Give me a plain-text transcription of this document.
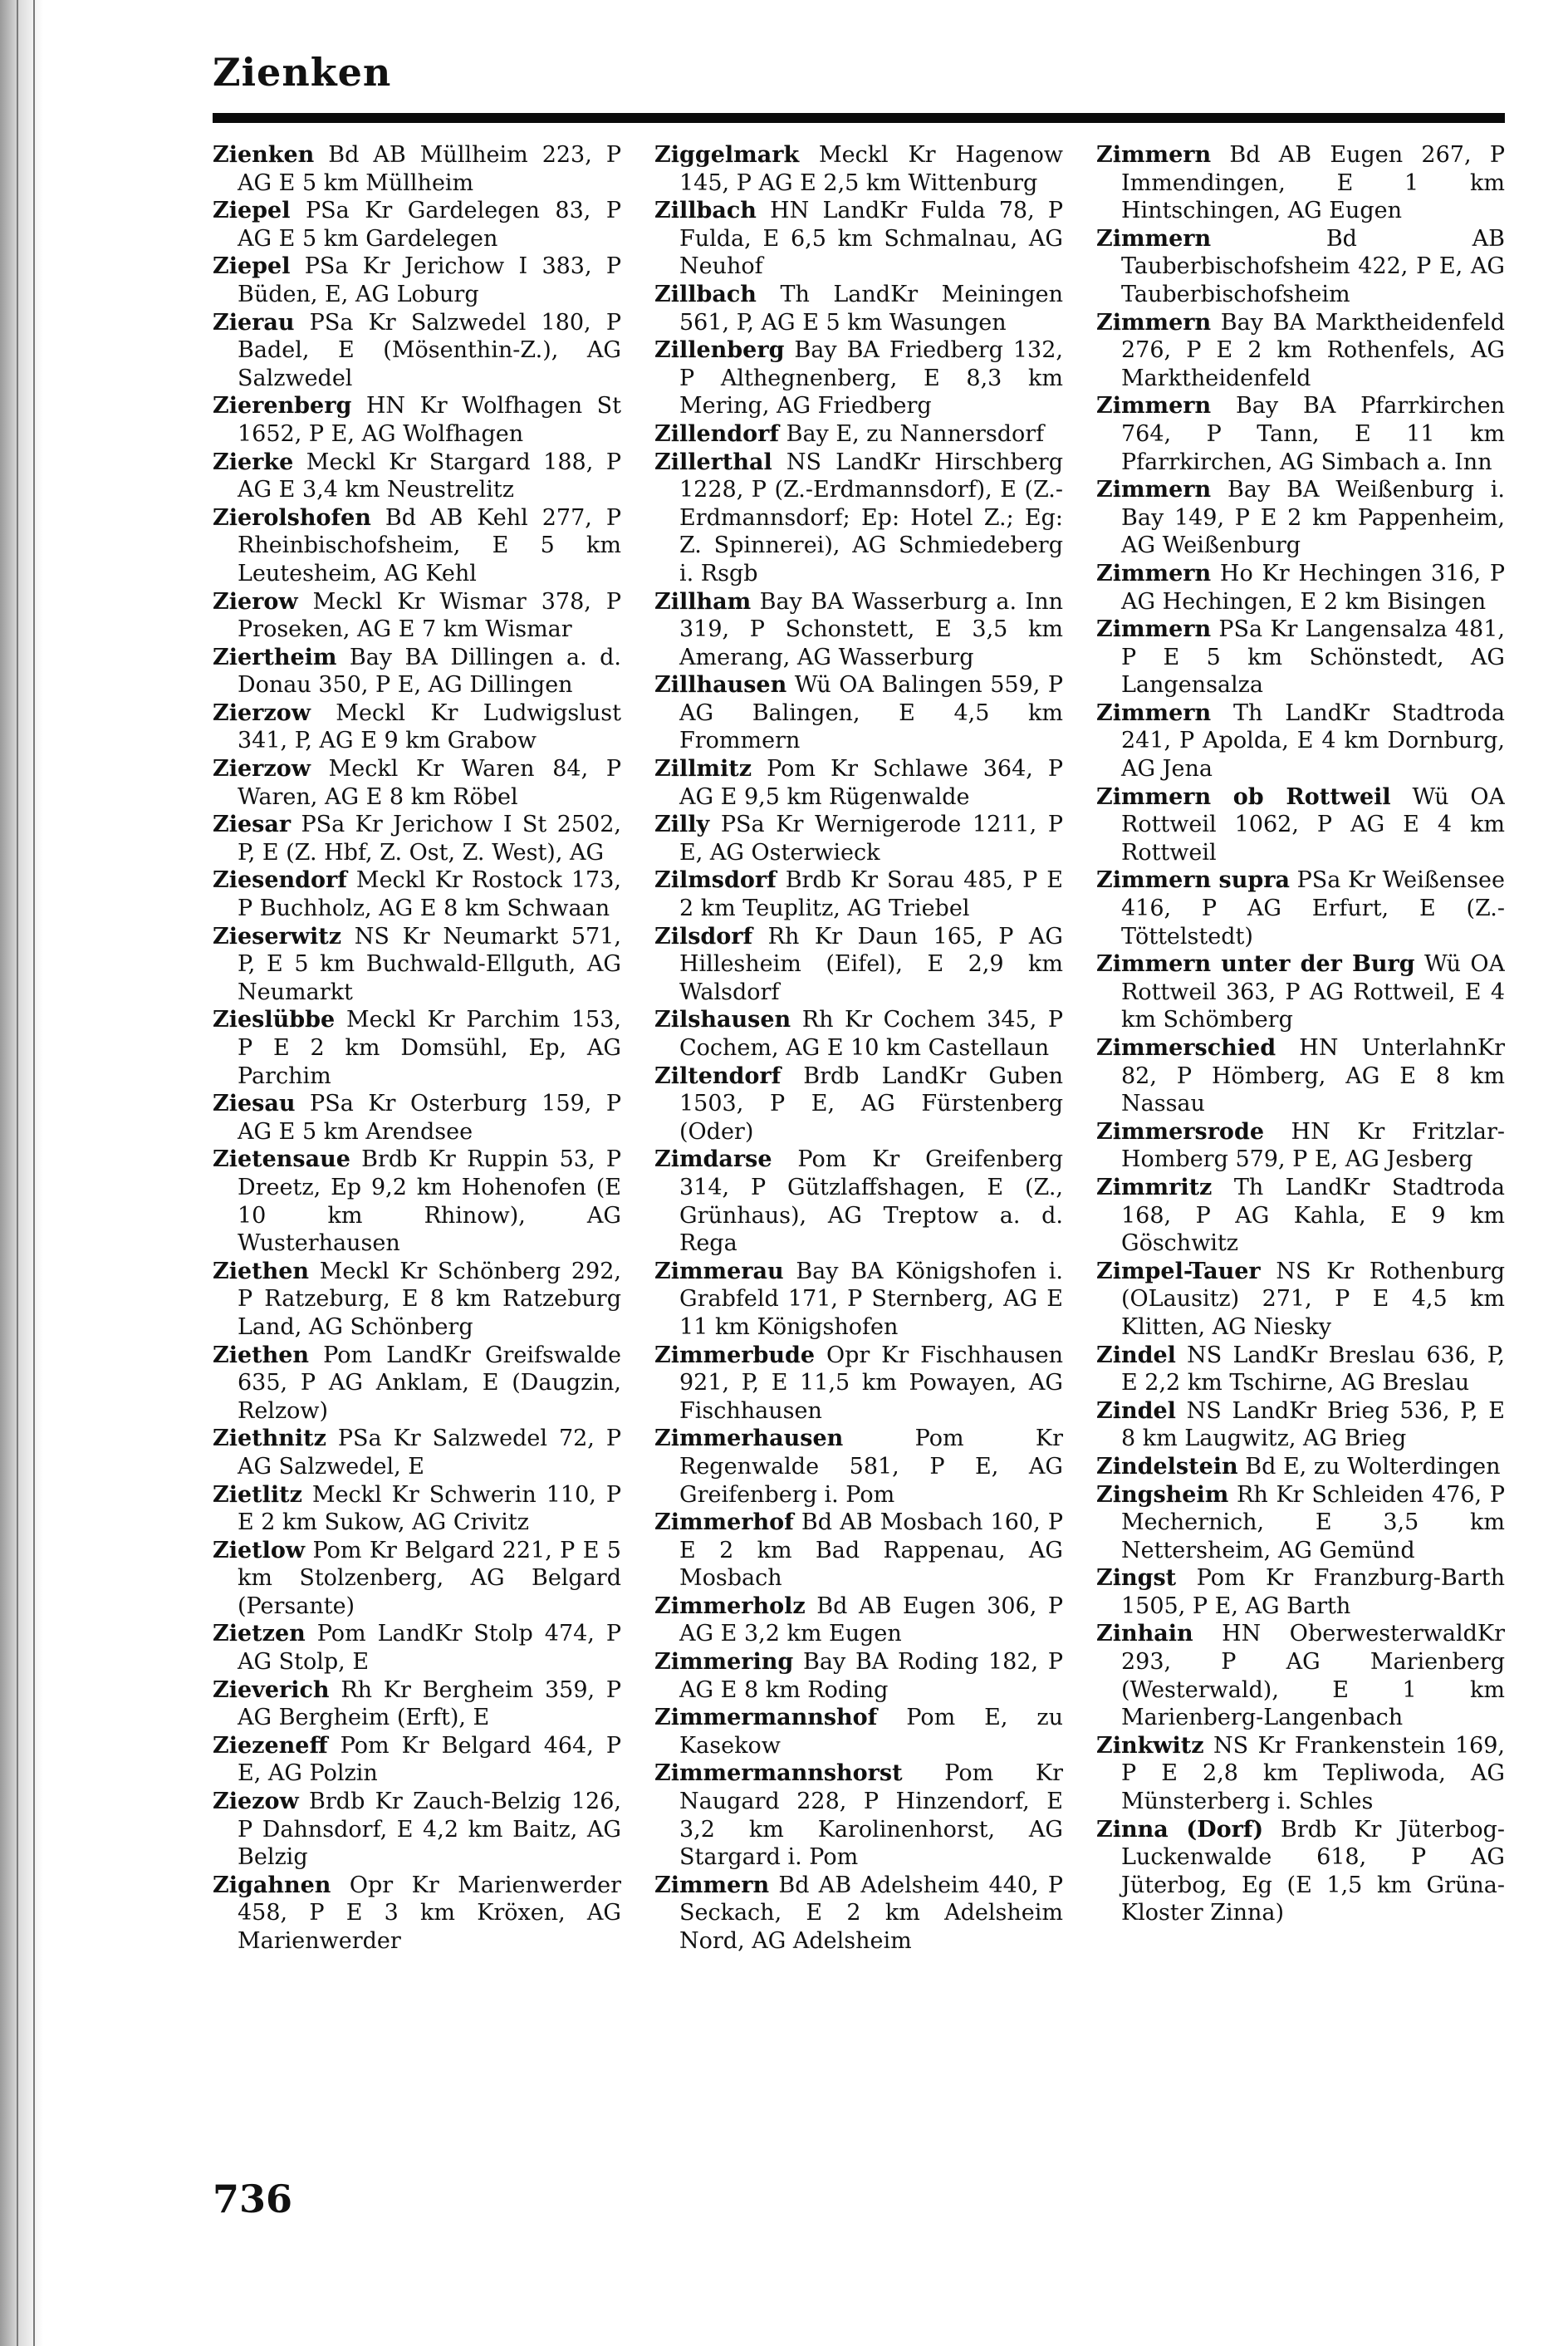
Zienken

Zienken Bd AB Müllheim 223, P AG E 5 km Müllheim

Ziepel PSa Kr Gardelegen 83, P AG E 5 km Gardelegen

Ziepel PSa Kr Jerichow I 383, P Büden, E, AG Loburg

Zierau PSa Kr Salzwedel 180, P Badel, E (Mösenthin-Z.), AG Salzwedel

Zierenberg HN Kr Wolfhagen St 1652, P E, AG Wolfhagen

Zierke Meckl Kr Stargard 188, P AG E 3,4 km Neustrelitz

Zierolshofen Bd AB Kehl 277, P Rheinbischofsheim, E 5 km Leutesheim, AG Kehl

Zierow Meckl Kr Wismar 378, P Proseken, AG E 7 km Wismar

Ziertheim Bay BA Dillingen a. d. Donau 350, P E, AG Dillingen

Zierzow Meckl Kr Ludwigslust 341, P, AG E 9 km Grabow

Zierzow Meckl Kr Waren 84, P Waren, AG E 8 km Röbel

Ziesar PSa Kr Jerichow I St 2502, P, E (Z. Hbf, Z. Ost, Z. West), AG

Ziesendorf Meckl Kr Rostock 173, P Buchholz, AG E 8 km Schwaan

Zieserwitz NS Kr Neumarkt 571, P, E 5 km Buchwald-Ellguth, AG Neumarkt

Zieslübbe Meckl Kr Parchim 153, P E 2 km Domsühl, Ep, AG Parchim

Ziesau PSa Kr Osterburg 159, P AG E 5 km Arendsee

Zietensaue Brdb Kr Ruppin 53, P Dreetz, Ep 9,2 km Hohenofen (E 10 km Rhinow), AG Wusterhausen

Ziethen Meckl Kr Schönberg 292, P Ratzeburg, E 8 km Ratzeburg Land, AG Schönberg

Ziethen Pom LandKr Greifswalde 635, P AG Anklam, E (Daugzin, Relzow)

Ziethnitz PSa Kr Salzwedel 72, P AG Salzwedel, E

Zietlitz Meckl Kr Schwerin 110, P E 2 km Sukow, AG Crivitz

Zietlow Pom Kr Belgard 221, P E 5 km Stolzenberg, AG Belgard (Persante)

Zietzen Pom LandKr Stolp 474, P AG Stolp, E

Zieverich Rh Kr Bergheim 359, P AG Bergheim (Erft), E

Ziezeneff Pom Kr Belgard 464, P E, AG Polzin

Ziezow Brdb Kr Zauch-Belzig 126, P Dahnsdorf, E 4,2 km Baitz, AG Belzig

Zigahnen Opr Kr Marienwerder 458, P E 3 km Kröxen, AG Marienwerder

Ziggelmark Meckl Kr Hagenow 145, P AG E 2,5 km Wittenburg

Zillbach HN LandKr Fulda 78, P Fulda, E 6,5 km Schmalnau, AG Neuhof

Zillbach Th LandKr Meiningen 561, P, AG E 5 km Wasungen

Zillenberg Bay BA Friedberg 132, P Althegnenberg, E 8,3 km Mering, AG Friedberg

Zillendorf Bay E, zu Nannersdorf

Zillerthal NS LandKr Hirschberg 1228, P (Z.-Erdmannsdorf), E (Z.-Erdmannsdorf; Ep: Hotel Z.; Eg: Z. Spinnerei), AG Schmiedeberg i. Rsgb

Zillham Bay BA Wasserburg a. Inn 319, P Schonstett, E 3,5 km Amerang, AG Wasserburg

Zillhausen Wü OA Balingen 559, P AG Balingen, E 4,5 km Frommern

Zillmitz Pom Kr Schlawe 364, P AG E 9,5 km Rügenwalde

Zilly PSa Kr Wernigerode 1211, P E, AG Osterwieck

Zilmsdorf Brdb Kr Sorau 485, P E 2 km Teuplitz, AG Triebel

Zilsdorf Rh Kr Daun 165, P AG Hillesheim (Eifel), E 2,9 km Walsdorf

Zilshausen Rh Kr Cochem 345, P Cochem, AG E 10 km Castellaun

Ziltendorf Brdb LandKr Guben 1503, P E, AG Fürstenberg (Oder)

Zimdarse Pom Kr Greifenberg 314, P Gützlaffshagen, E (Z., Grünhaus), AG Treptow a. d. Rega

Zimmerau Bay BA Königshofen i. Grabfeld 171, P Sternberg, AG E 11 km Königshofen

Zimmerbude Opr Kr Fischhausen 921, P, E 11,5 km Powayen, AG Fischhausen

Zimmerhausen Pom Kr Regenwalde 581, P E, AG Greifenberg i. Pom

Zimmerhof Bd AB Mosbach 160, P E 2 km Bad Rappenau, AG Mosbach

Zimmerholz Bd AB Eugen 306, P AG E 3,2 km Eugen

Zimmering Bay BA Roding 182, P AG E 8 km Roding

Zimmermannshof Pom E, zu Kasekow

Zimmermannshorst Pom Kr Naugard 228, P Hinzendorf, E 3,2 km Karolinenhorst, AG Stargard i. Pom

Zimmern Bd AB Adelsheim 440, P Seckach, E 2 km Adelsheim Nord, AG Adelsheim

Zimmern Bd AB Eugen 267, P Immendingen, E 1 km Hintschingen, AG Eugen

Zimmern Bd AB Tauberbischofsheim 422, P E, AG Tauberbischofsheim

Zimmern Bay BA Marktheidenfeld 276, P E 2 km Rothenfels, AG Marktheidenfeld

Zimmern Bay BA Pfarrkirchen 764, P Tann, E 11 km Pfarrkirchen, AG Simbach a. Inn

Zimmern Bay BA Weißenburg i. Bay 149, P E 2 km Pappenheim, AG Weißenburg

Zimmern Ho Kr Hechingen 316, P AG Hechingen, E 2 km Bisingen

Zimmern PSa Kr Langensalza 481, P E 5 km Schönstedt, AG Langensalza

Zimmern Th LandKr Stadtroda 241, P Apolda, E 4 km Dornburg, AG Jena

Zimmern ob Rottweil Wü OA Rottweil 1062, P AG E 4 km Rottweil

Zimmern supra PSa Kr Weißensee 416, P AG Erfurt, E (Z.-Töttelstedt)

Zimmern unter der Burg Wü OA Rottweil 363, P AG Rottweil, E 4 km Schömberg

Zimmerschied HN UnterlahnKr 82, P Hömberg, AG E 8 km Nassau

Zimmersrode HN Kr Fritzlar-Homberg 579, P E, AG Jesberg

Zimmritz Th LandKr Stadtroda 168, P AG Kahla, E 9 km Göschwitz

Zimpel-Tauer NS Kr Rothenburg (OLausitz) 271, P E 4,5 km Klitten, AG Niesky

Zindel NS LandKr Breslau 636, P, E 2,2 km Tschirne, AG Breslau

Zindel NS LandKr Brieg 536, P, E 8 km Laugwitz, AG Brieg

Zindelstein Bd E, zu Wolterdingen

Zingsheim Rh Kr Schleiden 476, P Mechernich, E 3,5 km Nettersheim, AG Gemünd

Zingst Pom Kr Franzburg-Barth 1505, P E, AG Barth

Zinhain HN OberwesterwaldKr 293, P AG Marienberg (Westerwald), E 1 km Marienberg-Langenbach

Zinkwitz NS Kr Frankenstein 169, P E 2,8 km Tepliwoda, AG Münsterberg i. Schles

Zinna (Dorf) Brdb Kr Jüterbog-Luckenwalde 618, P AG Jüterbog, Eg (E 1,5 km Grüna-Kloster Zinna)

736
